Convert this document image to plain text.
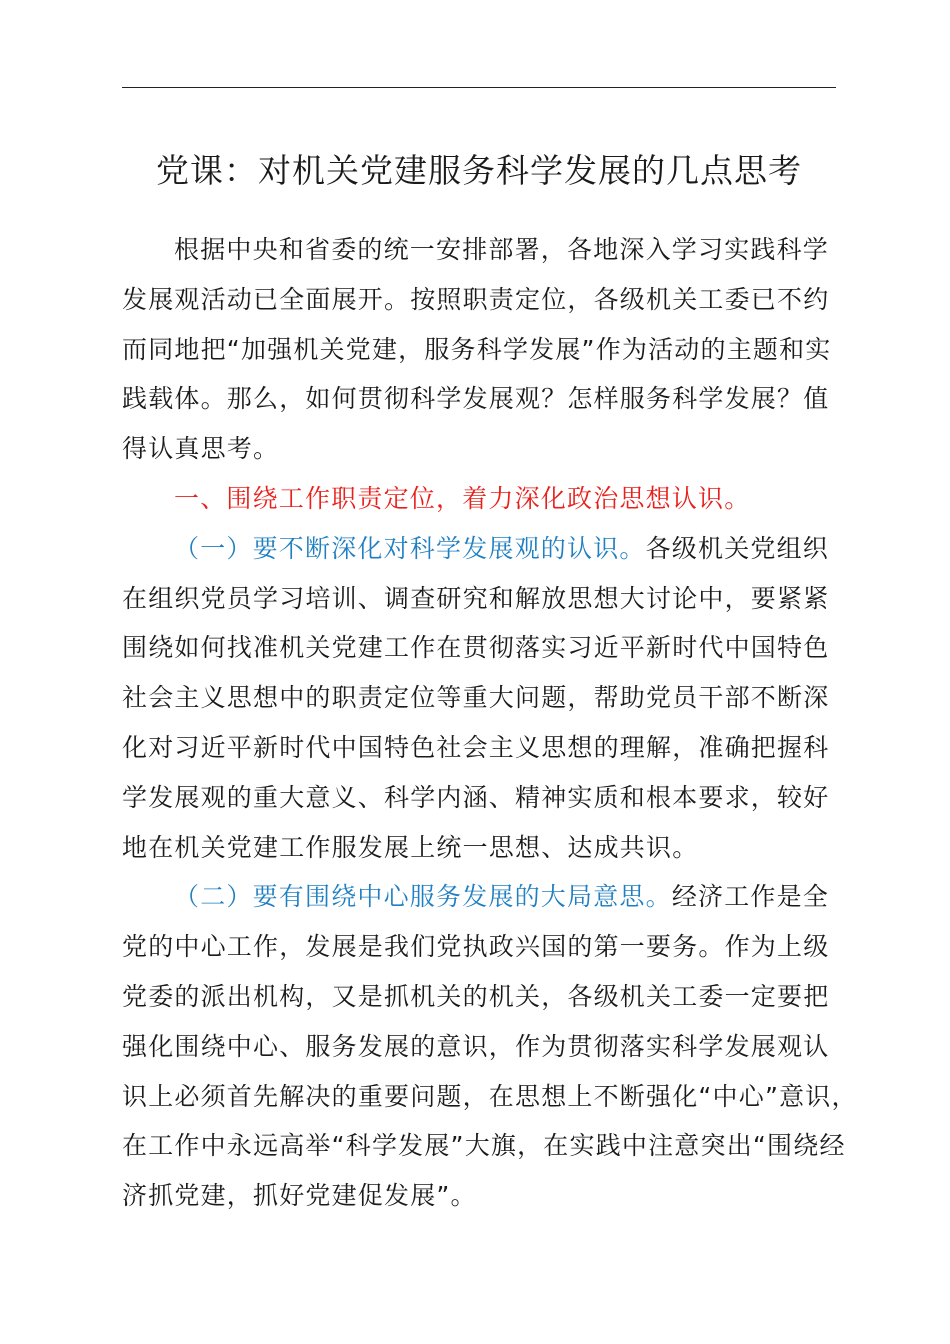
党课：对机关党建服务科学发展的几点思考
根据中央和省委的统一安排部署，各地深入学习实践科学
发展观活动已全面展开。按照职责定位，各级机关工委已不约
而同地把“加强机关党建，服务科学发展”作为活动的主题和实
践载体。那么，如何贯彻科学发展观？怎样服务科学发展？值
得认真思考。
一、围绕工作职责定位，着力深化政治思想认识。
（一）要不断深化对科学发展观的认识。各级机关党组织
在组织党员学习培训、调查研究和解放思想大讨论中，要紧紧
围绕如何找准机关党建工作在贯彻落实习近平新时代中国特色
社会主义思想中的职责定位等重大问题，帮助党员干部不断深
化对习近平新时代中国特色社会主义思想的理解，准确把握科
学发展观的重大意义、科学内涵、精神实质和根本要求，较好
地在机关党建工作服发展上统一思想、达成共识。
（二）要有围绕中心服务发展的大局意思。经济工作是全
党的中心工作，发展是我们党执政兴国的第一要务。作为上级
党委的派出机构，又是抓机关的机关，各级机关工委一定要把
强化围绕中心、服务发展的意识，作为贯彻落实科学发展观认
识上必须首先解决的重要问题，在思想上不断强化“中心”意识，
在工作中永远高举“科学发展”大旗，在实践中注意突出“围绕经
济抓党建，抓好党建促发展”。
